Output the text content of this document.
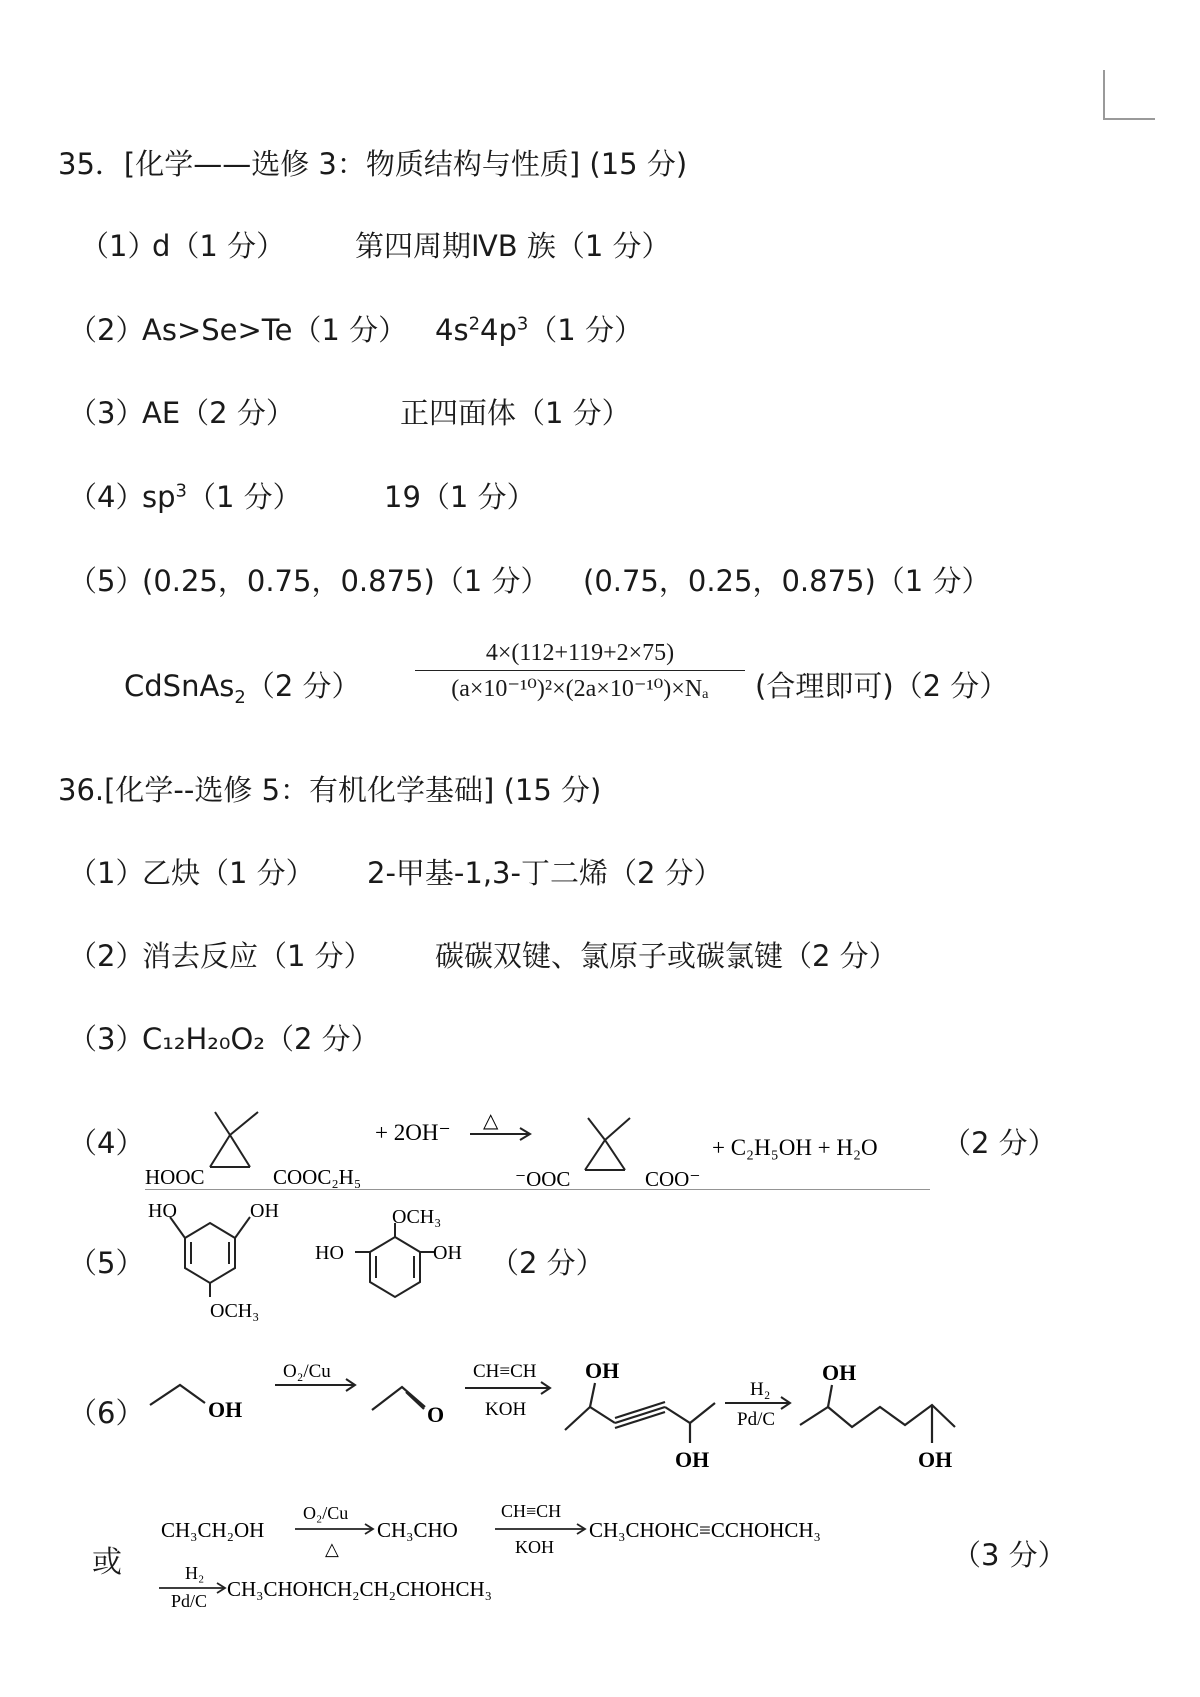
35．[化学——选修 3：物质结构与性质] (15 分)
（1）
d（1 分） 第四周期ⅣB 族（1 分）
（2）
As>Se>Te（1 分） $4s^24p^3(1$ 分）
（3）
AE（2 分）	正四面体（1 分）
（4）
$sp^3(1$ 分）	19（1 分）
（5）
(0.25，0.75，0.875)（1 分） (0.75，0.25，0.875)（1 分）
CdSnAs$_2$（2 分）
4×(112+119+2×75)
(a×10⁻¹⁰)²×(2a×10⁻¹⁰)×Nₐ	(合理即可)（2 分）
36.[化学--选修 5：有机化学基础] (15 分)
（1）
乙炔（1 分） 2-甲基-1,3-丁二烯（2 分）
（2）
消去反应（1 分） 碳碳双键、氯原子或碳氯键（2 分）
（3）
C₁₂H₂₀O₂（2 分）
（4）
HOOC	COOC₂H₅
+ 2OH⁻ △
⁻OOC	COO⁻
+ C₂H₅OH + H₂O （2 分）
（5）
HO	OH
OCH₃
OCH₃
HO	OH （2 分）
（6）	OH
O₂/Cu
O
CH≡CH
KOH
OH
OH
H₂
Pd/C
OH
OH
或
CH₃CH₂OH
O₂/Cu
△
CH₃CHO
CH≡CH
KOH
CH₃CHOHC≡CCHOHCH₃
H₂
Pd/C CH₃CHOHCH₂CH₂CHOHCH₃
（3 分）
